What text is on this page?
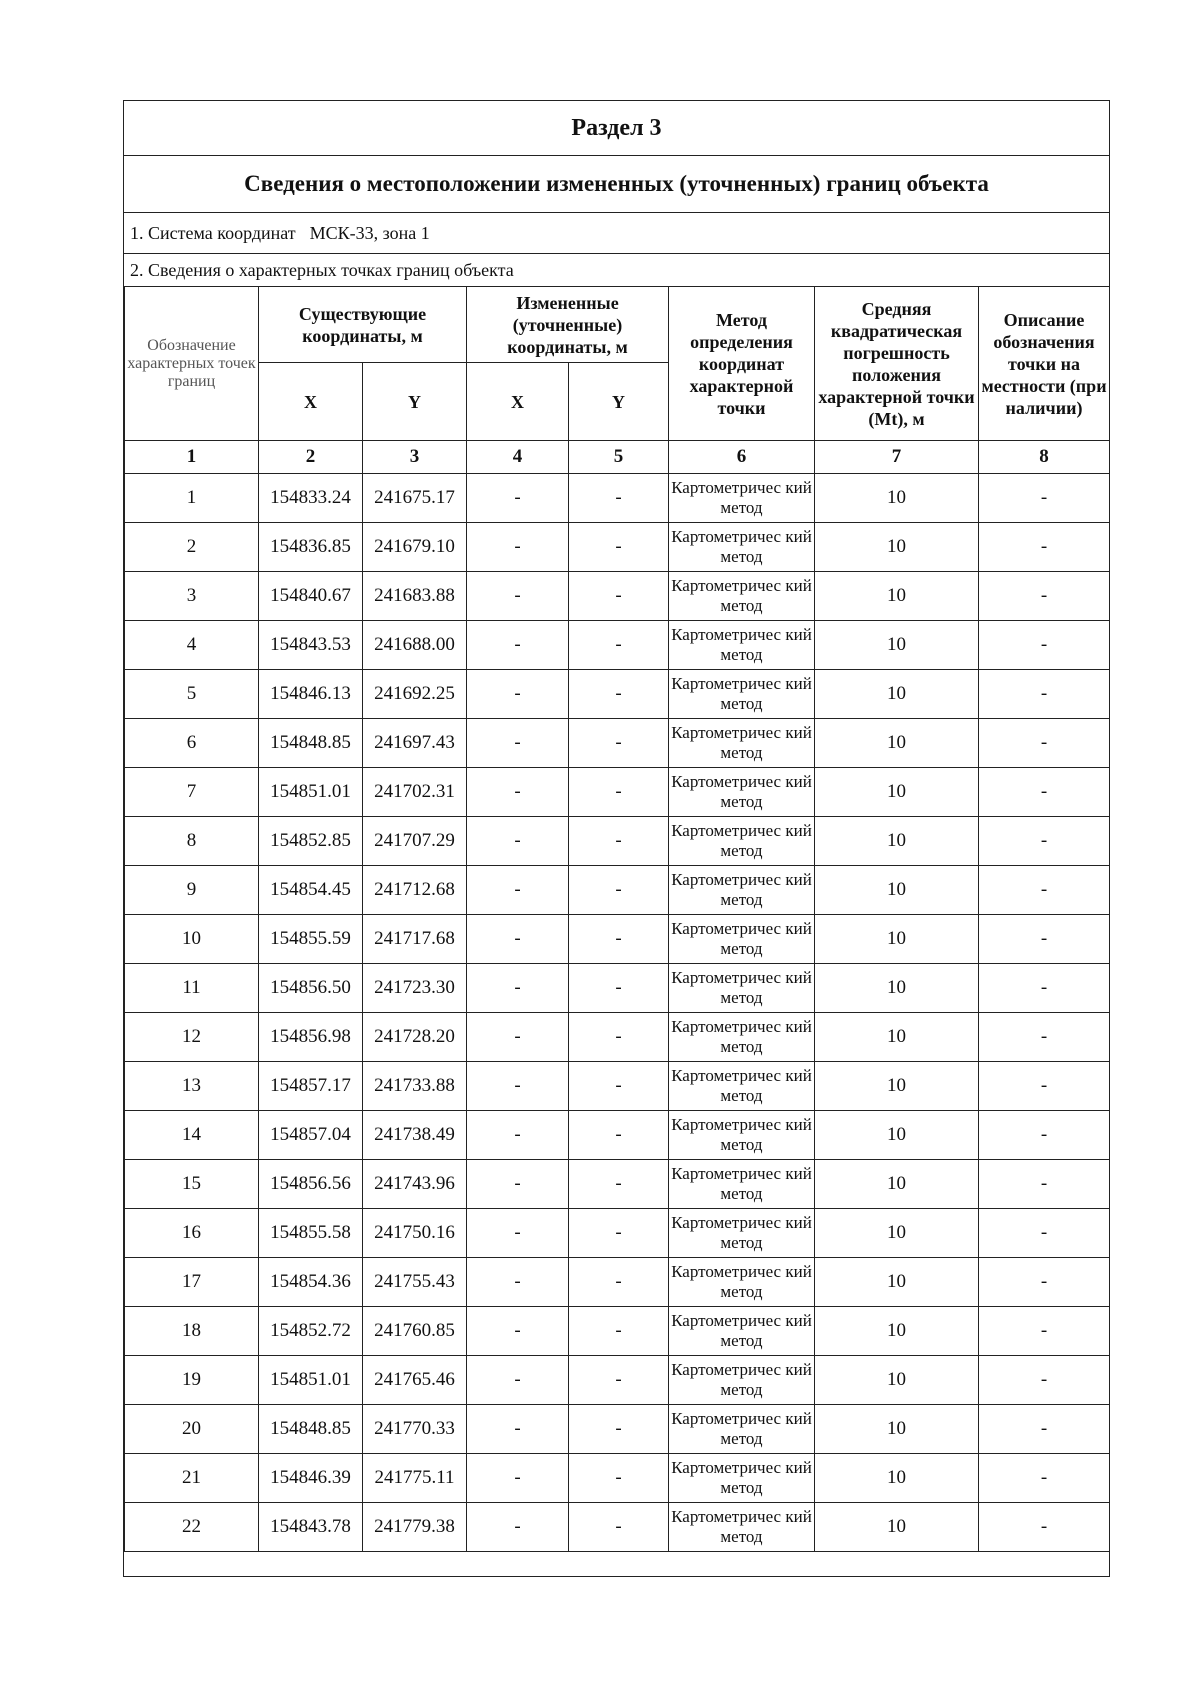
Раздел 3
Сведения о местоположении измененных (уточненных) границ объекта
1. Система координат МСК-33, зона 1
2. Сведения о характерных точках границ объекта
Обозначение характерных точек границ	Существующие координаты, м		Измененные (уточненные) координаты, м		Метод определения координат характерной точки	Средняя квадратическая погрешность положения характерной точки (Mt), м	Описание обозначения точки на местности (при наличии)
	X	Y	X	Y			
1	2	3	4	5	6	7	8
1	154833.24	241675.17	-	-	Картометричес кий метод	10	-
2	154836.85	241679.10	-	-	Картометричес кий метод	10	-
3	154840.67	241683.88	-	-	Картометричес кий метод	10	-
4	154843.53	241688.00	-	-	Картометричес кий метод	10	-
5	154846.13	241692.25	-	-	Картометричес кий метод	10	-
6	154848.85	241697.43	-	-	Картометричес кий метод	10	-
7	154851.01	241702.31	-	-	Картометричес кий метод	10	-
8	154852.85	241707.29	-	-	Картометричес кий метод	10	-
9	154854.45	241712.68	-	-	Картометричес кий метод	10	-
10	154855.59	241717.68	-	-	Картометричес кий метод	10	-
11	154856.50	241723.30	-	-	Картометричес кий метод	10	-
12	154856.98	241728.20	-	-	Картометричес кий метод	10	-
13	154857.17	241733.88	-	-	Картометричес кий метод	10	-
14	154857.04	241738.49	-	-	Картометричес кий метод	10	-
15	154856.56	241743.96	-	-	Картометричес кий метод	10	-
16	154855.58	241750.16	-	-	Картометричес кий метод	10	-
17	154854.36	241755.43	-	-	Картометричес кий метод	10	-
18	154852.72	241760.85	-	-	Картометричес кий метод	10	-
19	154851.01	241765.46	-	-	Картометричес кий метод	10	-
20	154848.85	241770.33	-	-	Картометричес кий метод	10	-
21	154846.39	241775.11	-	-	Картометричес кий метод	10	-
22	154843.78	241779.38	-	-	Картометричес кий метод	10	-
